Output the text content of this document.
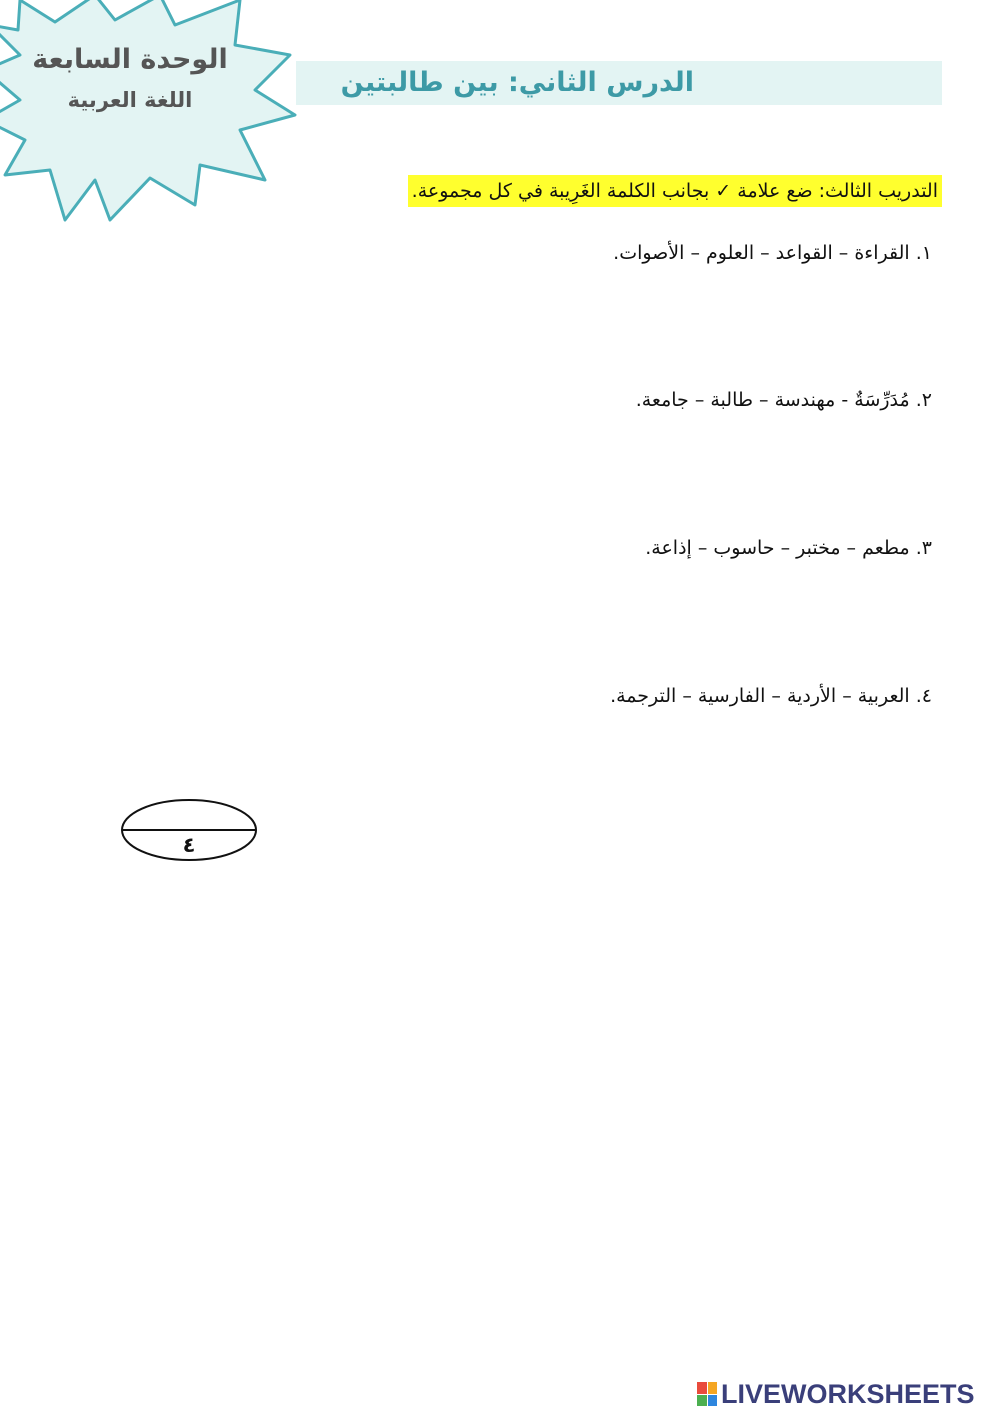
الوحدة السابعة
اللغة العربية
الدرس الثاني: بين طالبتين
التدريب الثالث: ضع علامة ✓ بجانب الكلمة الغَرِيبة في كل مجموعة.
١. القراءة – القواعد – العلوم – الأصوات.
٢. مُدَرِّسَةٌ - مهندسة – طالبة – جامعة.
٣. مطعم – مختبر – حاسوب – إذاعة.
٤. العربية – الأردية – الفارسية – الترجمة.
٤
LIVEWORKSHEETS
